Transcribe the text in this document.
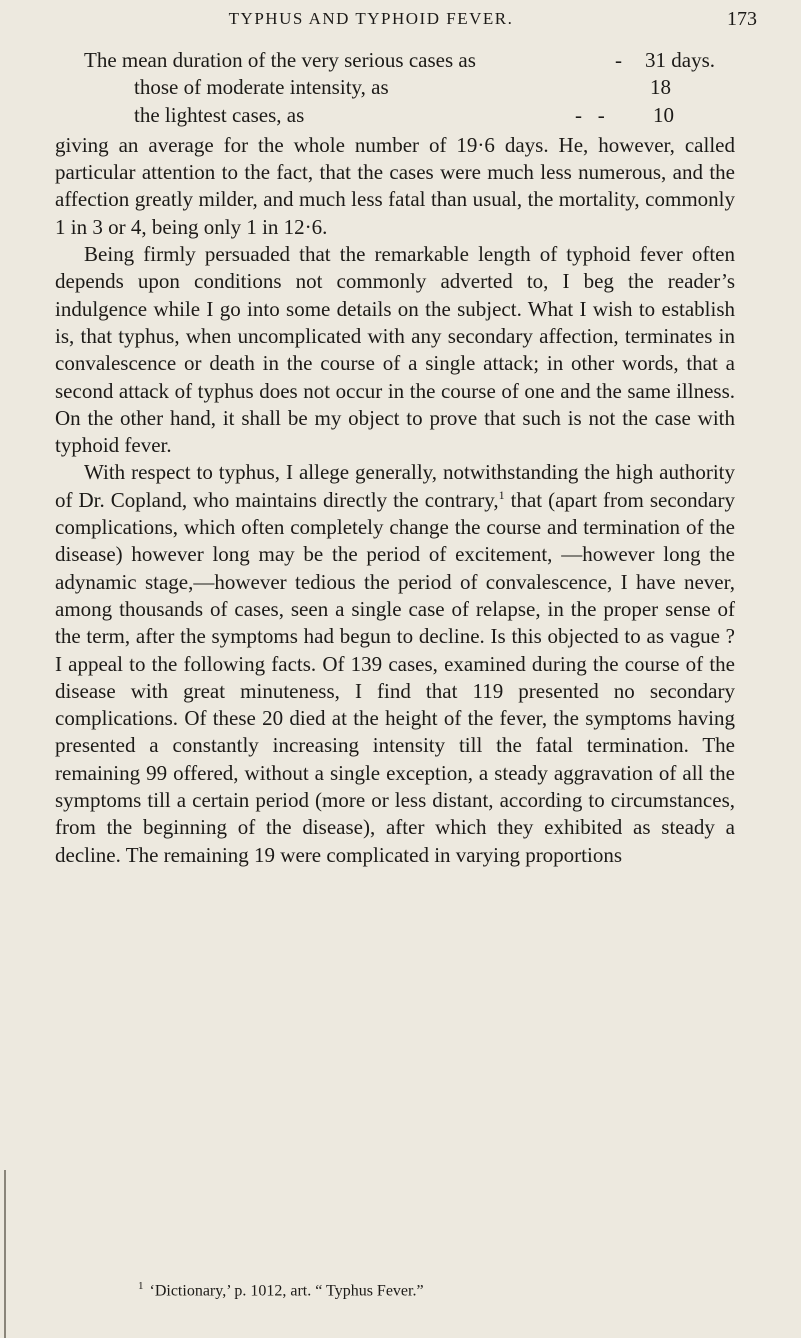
TYPHUS AND TYPHOID FEVER.	173
The mean duration of the very serious cases as	- 31 days.
those of moderate intensity, as	18
the lightest cases, as	-   - 10

giving an average for the whole number of 19·6 days. He, however, called particular attention to the fact, that the cases were much less numerous, and the affection greatly milder, and much less fatal than usual, the mortality, commonly 1 in 3 or 4, being only 1 in 12·6.

Being firmly persuaded that the remarkable length of typhoid fever often depends upon conditions not commonly adverted to, I beg the reader’s indulgence while I go into some details on the subject. What I wish to establish is, that typhus, when uncomplicated with any secondary affection, terminates in convalescence or death in the course of a single attack; in other words, that a second attack of typhus does not occur in the course of one and the same illness. On the other hand, it shall be my object to prove that such is not the case with typhoid fever.

With respect to typhus, I allege generally, notwithstanding the high authority of Dr. Copland, who maintains directly the contrary,$^1$ that (apart from secondary complications, which often completely change the course and termination of the disease) however long may be the period of excitement, —however long the adynamic stage,—however tedious the period of convalescence, I have never, among thousands of cases, seen a single case of relapse, in the proper sense of the term, after the symptoms had begun to decline. Is this objected to as vague ? I appeal to the following facts. Of 139 cases, examined during the course of the disease with great minuteness, I find that 119 presented no secondary complications. Of these 20 died at the height of the fever, the symptoms having presented a constantly increasing intensity till the fatal termination. The remaining 99 offered, without a single exception, a steady aggravation of all the symptoms till a certain period (more or less distant, according to circumstances, from the beginning of the disease), after which they exhibited as steady a decline. The remaining 19 were complicated in varying proportions

$^1$ ‘Dictionary,’ p. 1012, art. “ Typhus Fever.”
